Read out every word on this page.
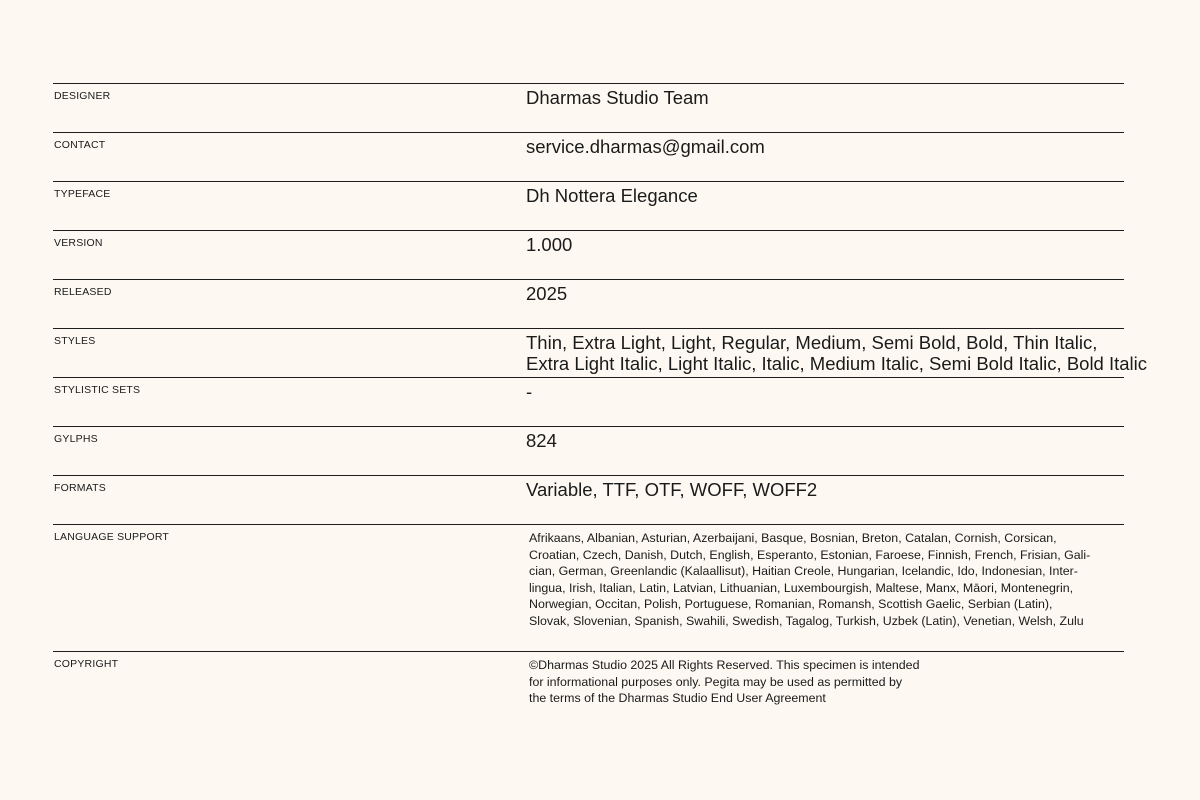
DESIGNER	Dharmas Studio Team
CONTACT	service.dharmas@gmail.com
TYPEFACE	Dh Nottera Elegance
VERSION	1.000
RELEASED	2025
STYLES	Thin, Extra Light, Light, Regular, Medium, Semi Bold, Bold, Thin Italic,
Extra Light Italic, Light Italic, Italic, Medium Italic, Semi Bold Italic, Bold Italic
STYLISTIC SETS	-
GYLPHS	824
FORMATS	Variable, TTF, OTF, WOFF, WOFF2
LANGUAGE SUPPORT	Afrikaans, Albanian, Asturian, Azerbaijani, Basque, Bosnian, Breton, Catalan, Cornish, Corsican,
Croatian, Czech, Danish, Dutch, English, Esperanto, Estonian, Faroese, Finnish, French, Frisian, Gali-
cian, German, Greenlandic (Kalaallisut), Haitian Creole, Hungarian, Icelandic, Ido, Indonesian, Inter-
lingua, Irish, Italian, Latin, Latvian, Lithuanian, Luxembourgish, Maltese, Manx, Māori, Montenegrin,
Norwegian, Occitan, Polish, Portuguese, Romanian, Romansh, Scottish Gaelic, Serbian (Latin),
Slovak, Slovenian, Spanish, Swahili, Swedish, Tagalog, Turkish, Uzbek (Latin), Venetian, Welsh, Zulu
COPYRIGHT	©Dharmas Studio 2025 All Rights Reserved. This specimen is intended
for informational purposes only. Pegita may be used as permitted by
the terms of the Dharmas Studio End User Agreement
